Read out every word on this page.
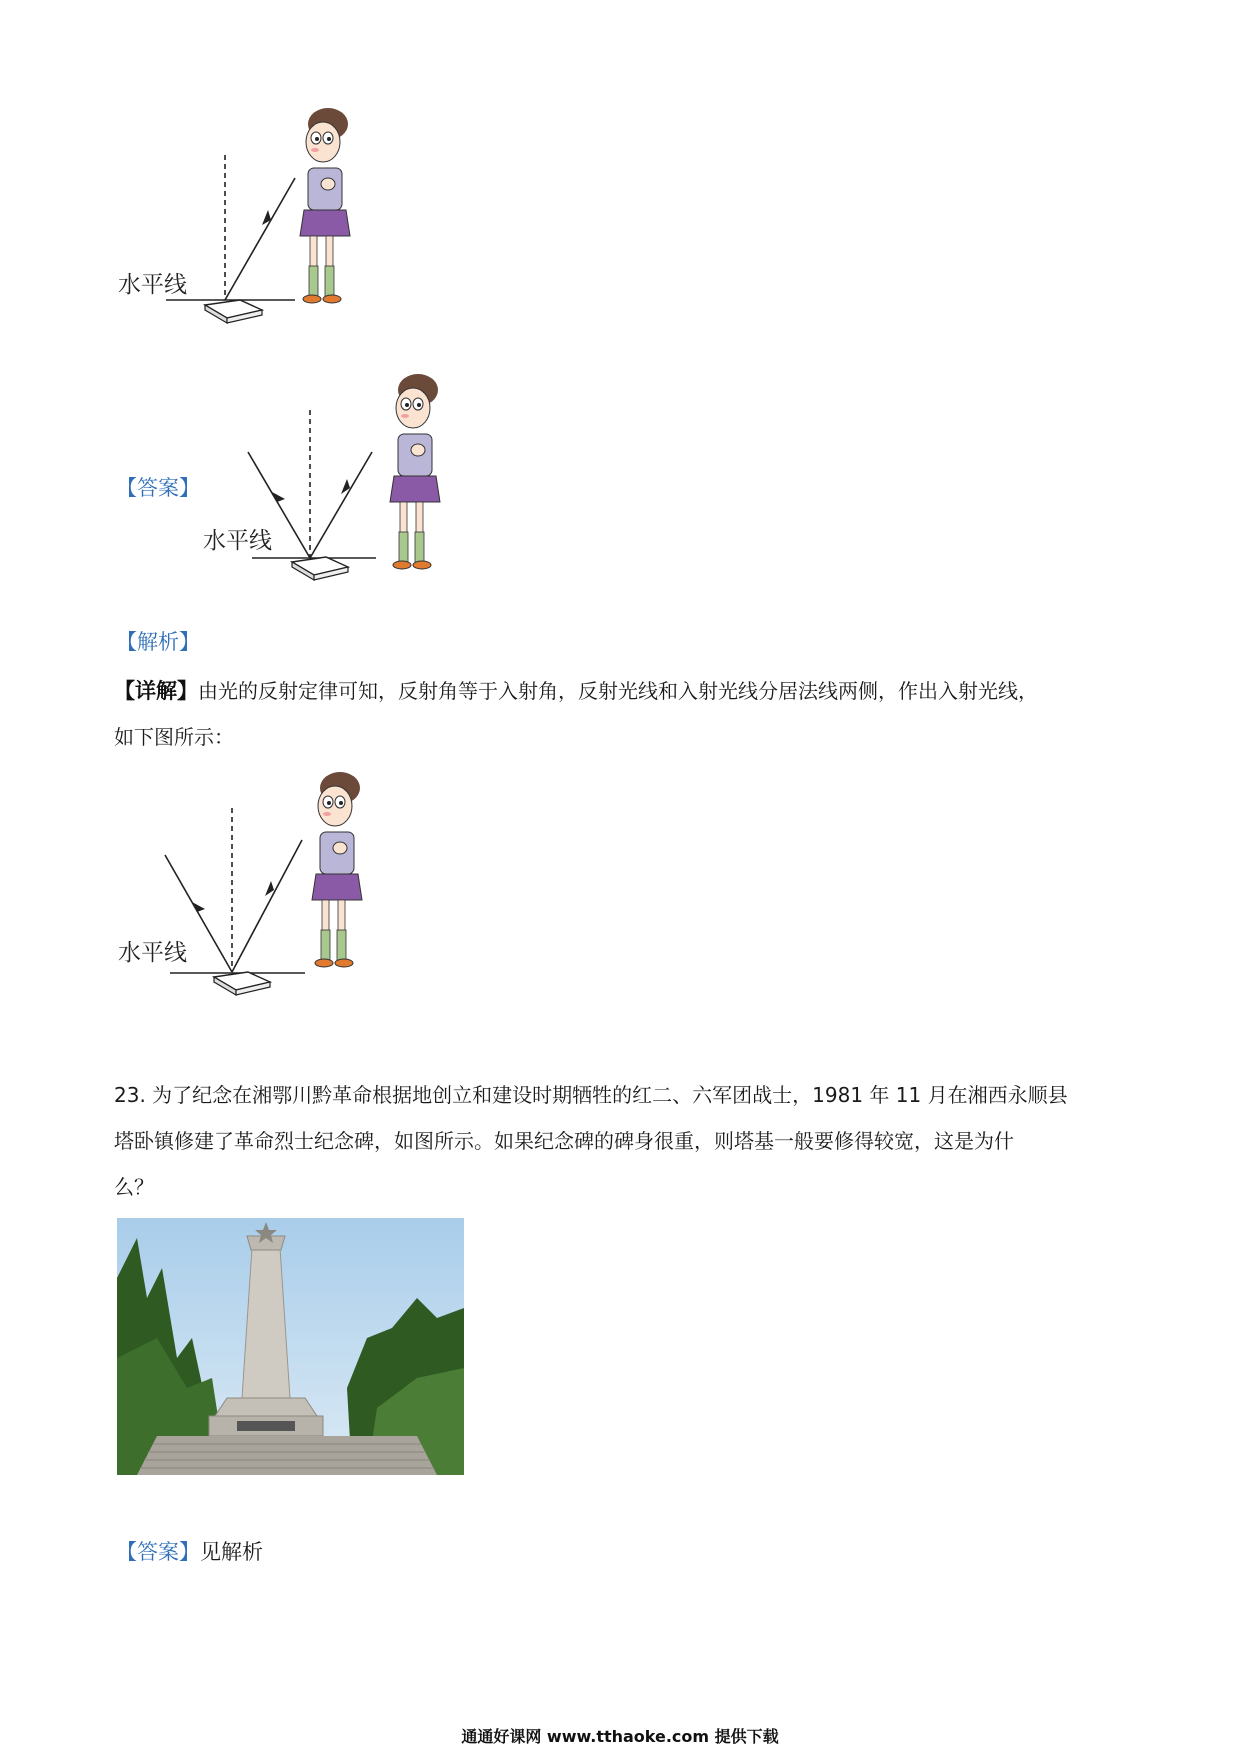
水平线
【答案】
水平线
【解析】
【详解】由光的反射定律可知，反射角等于入射角，反射光线和入射光线分居法线两侧，作出入射光线，
如下图所示：
水平线
23. 为了纪念在湘鄂川黔革命根据地创立和建设时期牺牲的红二、六军团战士，1981 年 11 月在湘西永顺县
塔卧镇修建了革命烈士纪念碑，如图所示。如果纪念碑的碑身很重，则塔基一般要修得较宽，这是为什
么？
【答案】见解析
通通好课网 www.tthaoke.com 提供下载
